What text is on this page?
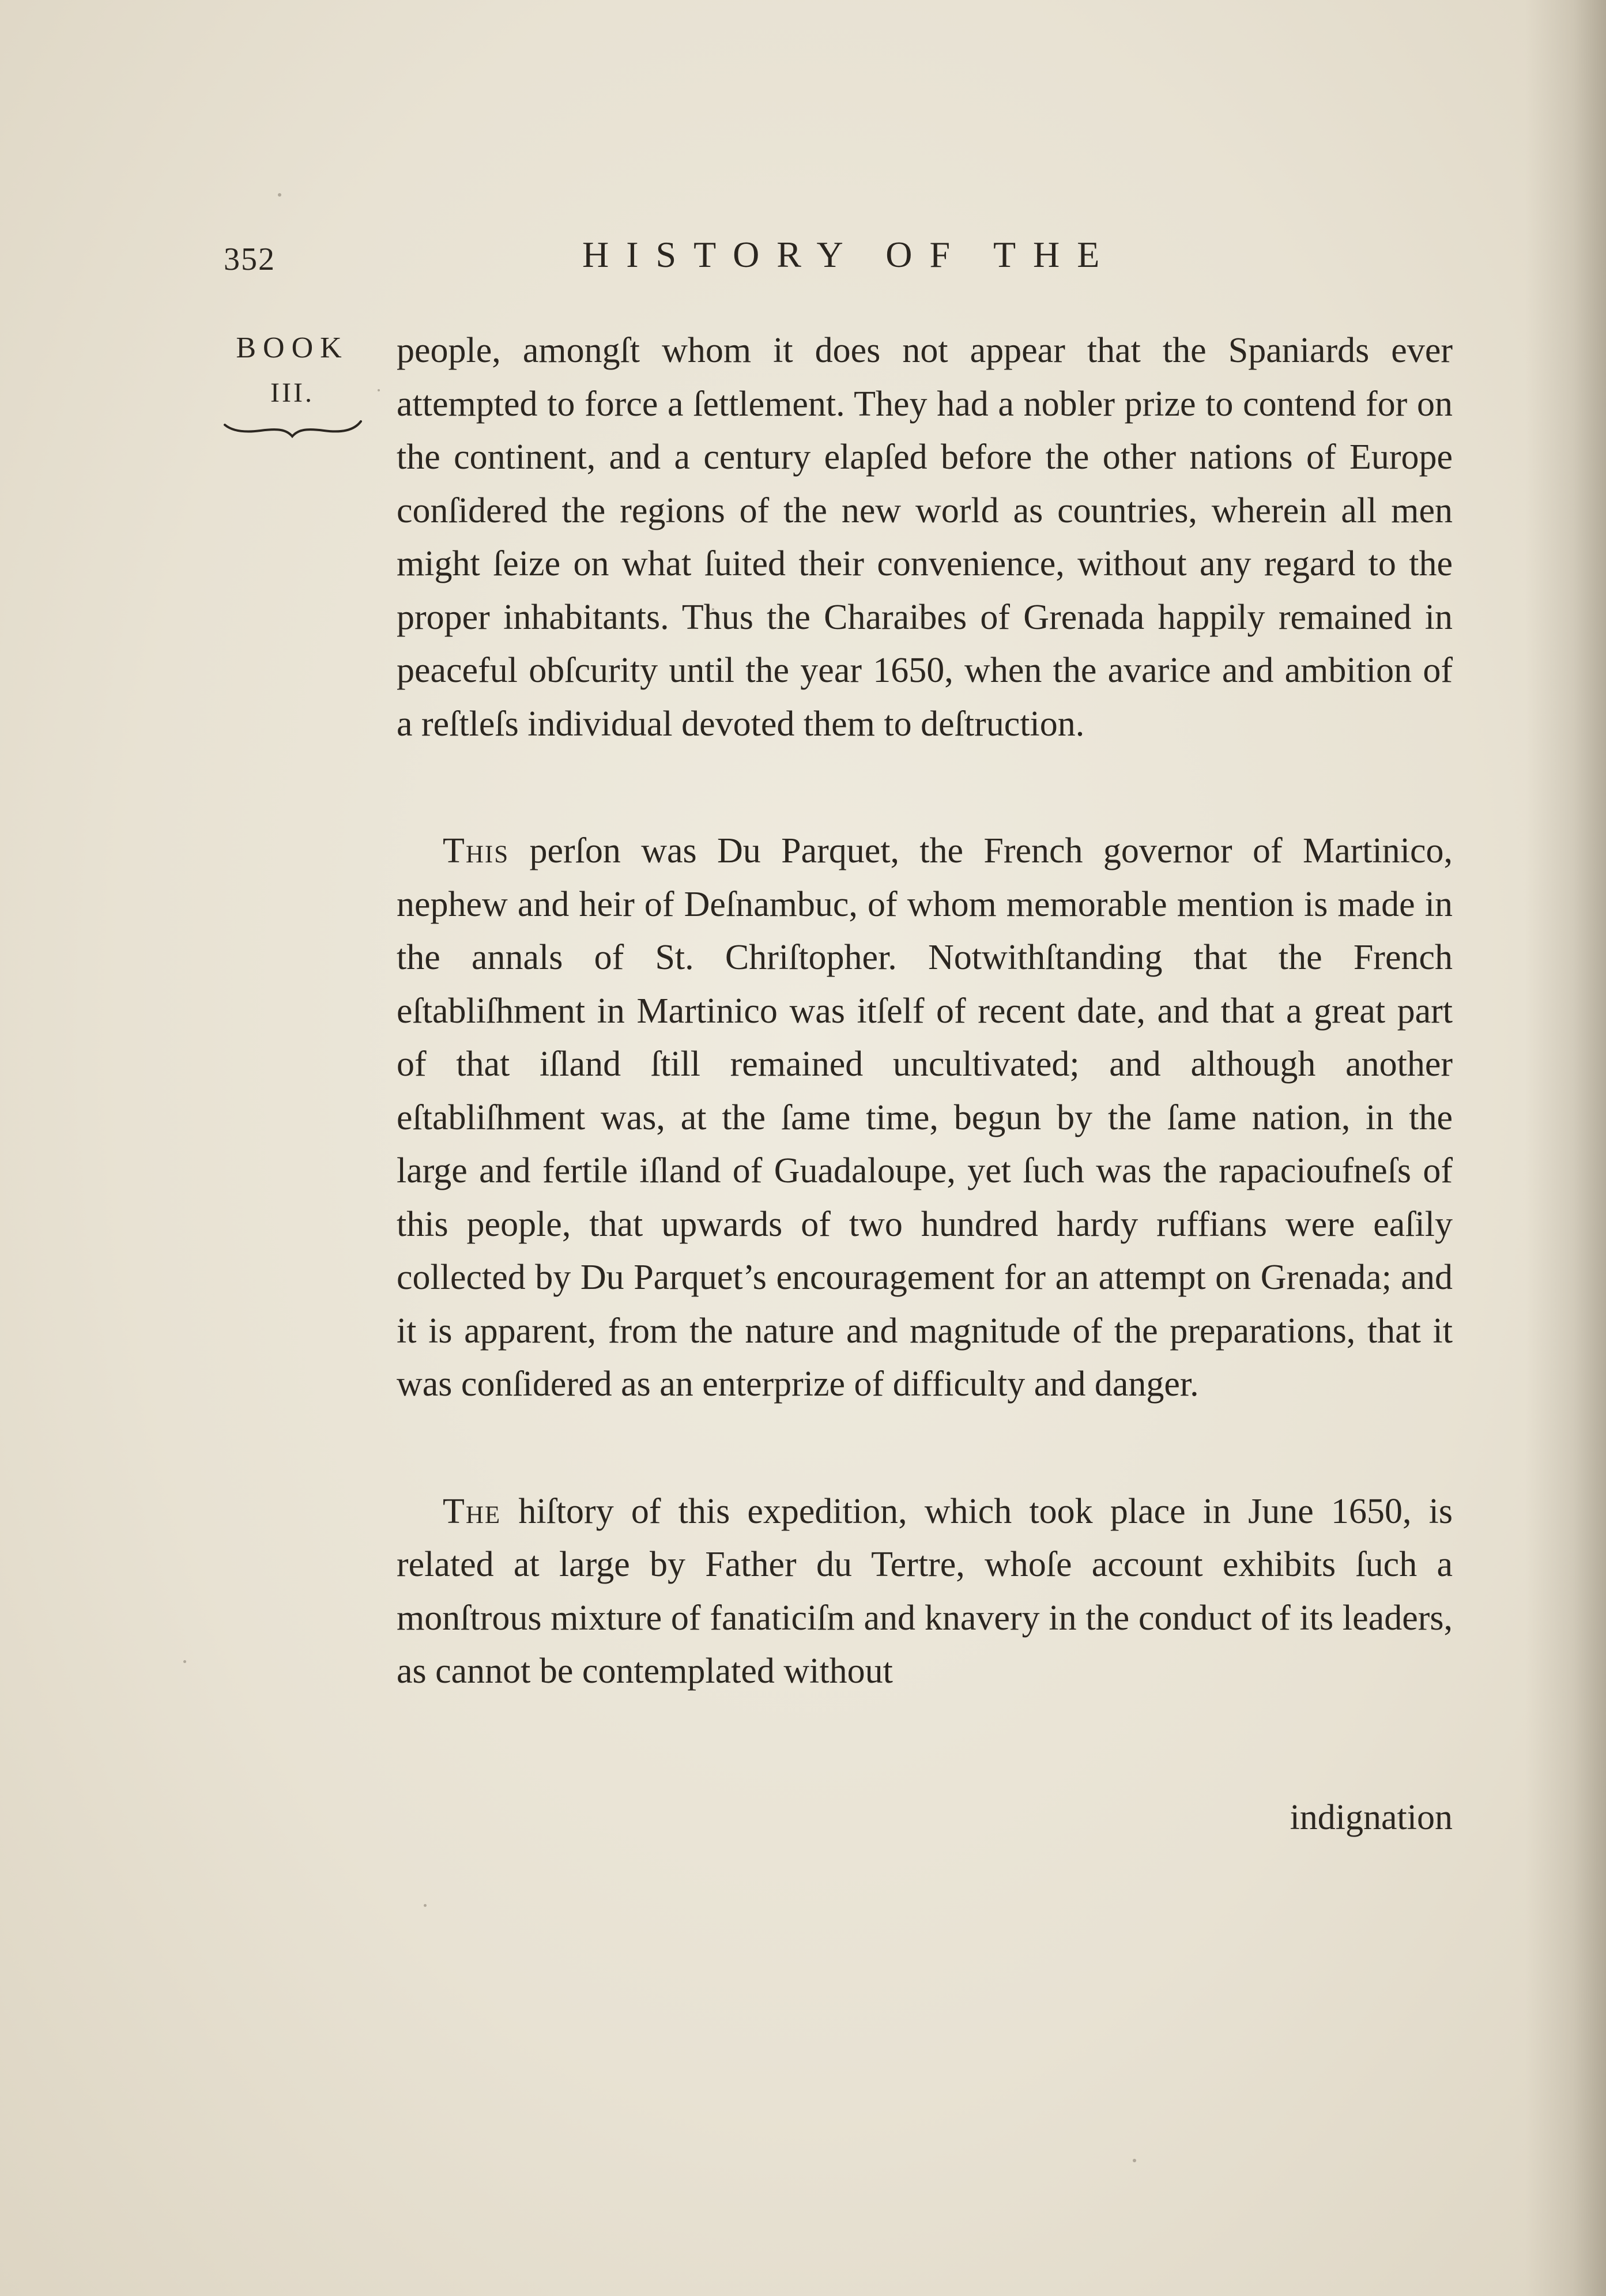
352	HISTORY OF THE
BOOK
III.

people, amongſt whom it does not appear that the Spaniards ever attempted to force a ſettlement. They had a nobler prize to contend for on the continent, and a century elapſed before the other nations of Europe conſidered the regions of the new world as countries, wherein all men might ſeize on what ſuited their convenience, without any regard to the proper inhabitants. Thus the Charaibes of Grenada happily remained in peaceful obſcurity until the year 1650, when the avarice and ambition of a reſtleſs individual devoted them to deſtruction.

This perſon was Du Parquet, the French governor of Martinico, nephew and heir of Deſnambuc, of whom memorable mention is made in the annals of St. Chriſtopher. Notwithſtanding that the French eſtabliſhment in Martinico was itſelf of recent date, and that a great part of that iſland ſtill remained uncultivated; and although another eſtabliſhment was, at the ſame time, begun by the ſame nation, in the large and fertile iſland of Guadaloupe, yet ſuch was the rapacioufneſs of this people, that upwards of two hundred hardy ruffians were eaſily collected by Du Parquet’s encouragement for an attempt on Grenada; and it is apparent, from the nature and magnitude of the preparations, that it was conſidered as an enterprize of difficulty and danger.

The hiſtory of this expedition, which took place in June 1650, is related at large by Father du Tertre, whoſe account exhibits ſuch a monſtrous mixture of fanaticiſm and knavery in the conduct of its leaders, as cannot be contemplated without

indignation
